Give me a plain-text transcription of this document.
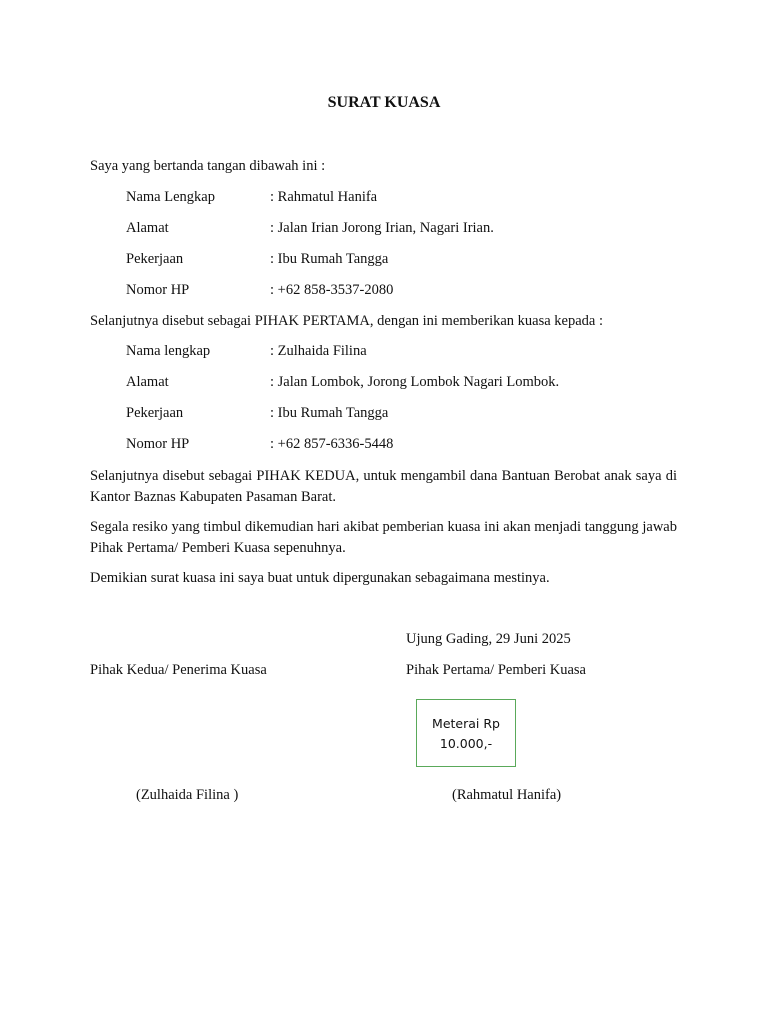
SURAT KUASA
Saya yang bertanda tangan dibawah ini :
Nama Lengkap	: Rahmatul Hanifa
Alamat	: Jalan Irian Jorong Irian, Nagari Irian.
Pekerjaan	: Ibu Rumah Tangga
Nomor HP	: +62 858-3537-2080
Selanjutnya disebut sebagai PIHAK PERTAMA, dengan ini memberikan kuasa kepada :
Nama lengkap	: Zulhaida Filina
Alamat	: Jalan Lombok, Jorong Lombok Nagari Lombok.
Pekerjaan	: Ibu Rumah Tangga
Nomor HP	: +62 857-6336-5448
Selanjutnya disebut sebagai PIHAK KEDUA, untuk mengambil dana Bantuan Berobat anak saya di Kantor Baznas Kabupaten Pasaman Barat.
Segala resiko yang timbul dikemudian hari akibat pemberian kuasa ini akan menjadi tanggung jawab Pihak Pertama/ Pemberi Kuasa sepenuhnya.
Demikian surat kuasa ini saya buat untuk dipergunakan sebagaimana mestinya.
Ujung Gading, 29 Juni 2025
Pihak Kedua/ Penerima Kuasa	Pihak Pertama/ Pemberi Kuasa
Meterai Rp
10.000,-
(Zulhaida Filina )	(Rahmatul Hanifa)
